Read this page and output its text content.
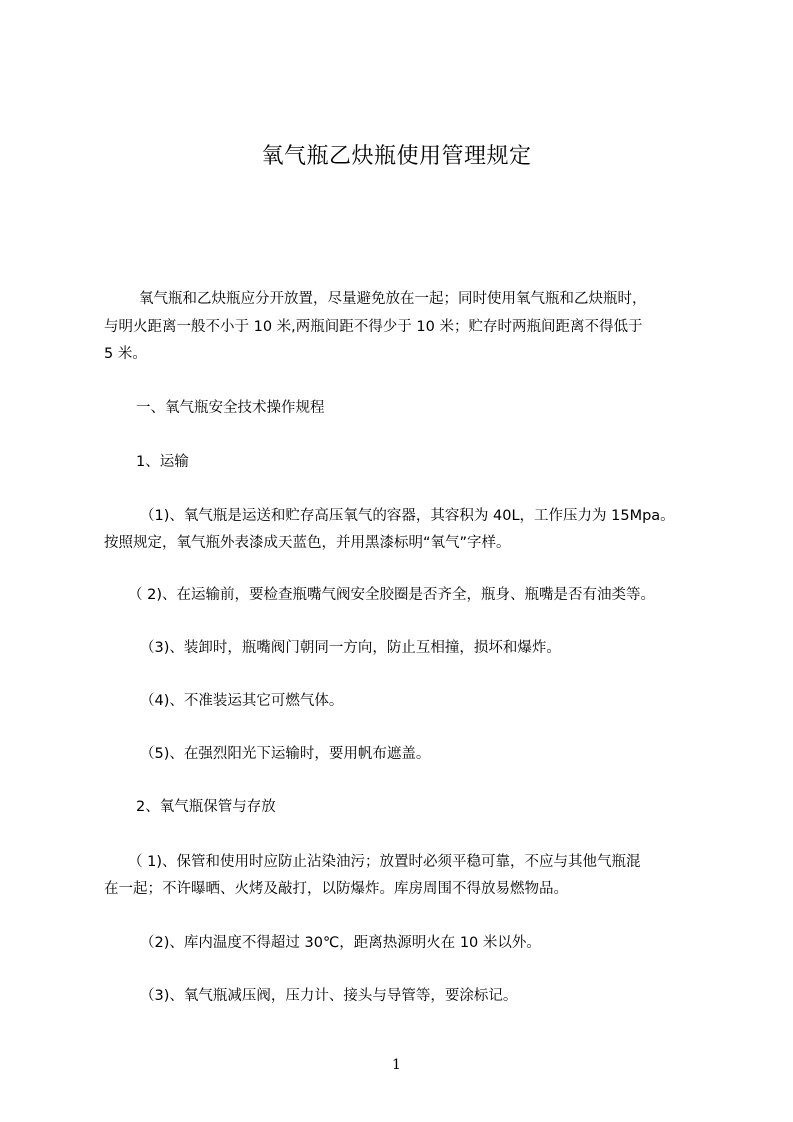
氧气瓶乙炔瓶使用管理规定
氧气瓶和乙炔瓶应分开放置，尽量避免放在一起；同时使用氧气瓶和乙炔瓶时，
与明火距离一般不小于 10 米,两瓶间距不得少于 10 米；贮存时两瓶间距离不得低于
5 米。
一、氧气瓶安全技术操作规程
1、运输
（1)、氧气瓶是运送和贮存高压氧气的容器，其容积为 40L，工作压力为 15Mpa。
按照规定，氧气瓶外表漆成天蓝色，并用黑漆标明“氧气”字样。
（ 2)、在运输前，要检查瓶嘴气阀安全胶圈是否齐全，瓶身、瓶嘴是否有油类等。
（3)、装卸时，瓶嘴阀门朝同一方向，防止互相撞，损坏和爆炸。
（4)、不准装运其它可燃气体。
（5)、在强烈阳光下运输时，要用帆布遮盖。
2、氧气瓶保管与存放
（ 1)、保管和使用时应防止沾染油污；放置时必须平稳可靠，不应与其他气瓶混
在一起；不许曝晒、火烤及敲打，以防爆炸。库房周围不得放易燃物品。
（2)、库内温度不得超过 30℃，距离热源明火在 10 米以外。
（3)、氧气瓶减压阀，压力计、接头与导管等，要涂标记。
1
